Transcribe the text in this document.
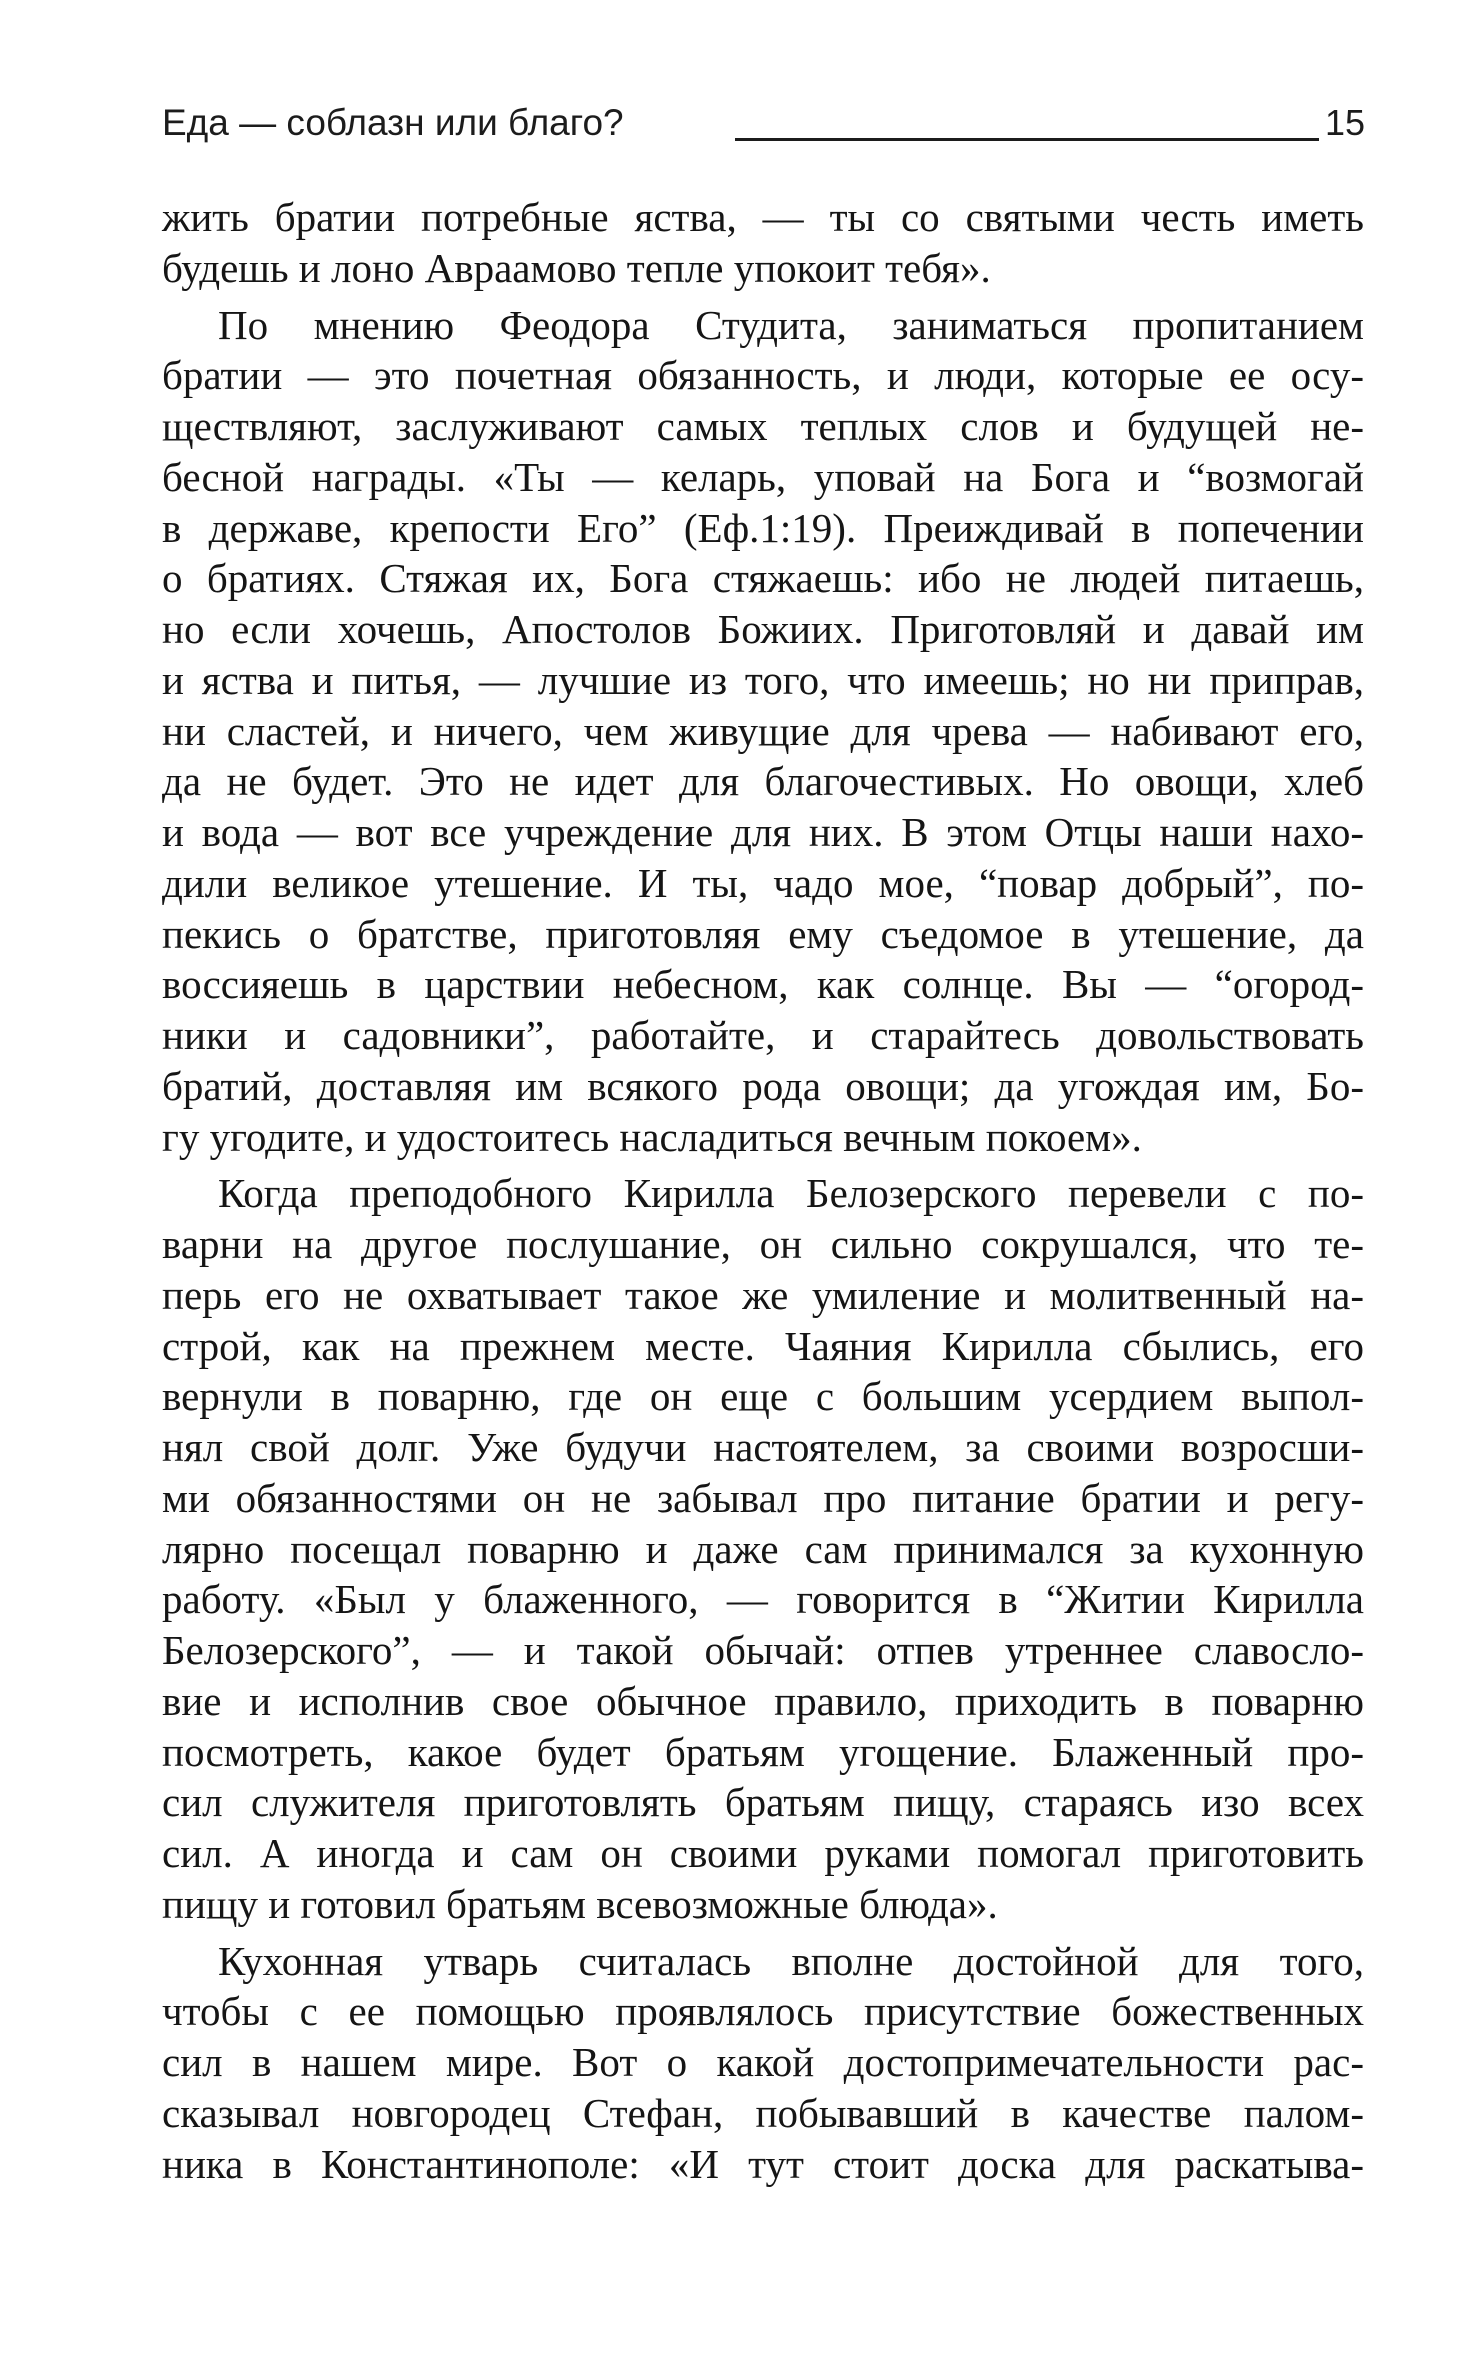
Еда — соблазн или благо?	15
жить братии потребные яства, — ты со святыми честь иметь
будешь и лоно Авраамово тепле упокоит тебя».
По мнению Феодора Студита, заниматься пропитанием
братии — это почетная обязанность, и люди, которые ее осу-
ществляют, заслуживают самых теплых слов и будущей не-
бесной награды. «Ты — келарь, уповай на Бога и “возмогай
в державе, крепости Его” (Еф.1:19). Преиждивай в попечении
о братиях. Стяжая их, Бога стяжаешь: ибо не людей питаешь,
но если хочешь, Апостолов Божиих. Приготовляй и давай им
и яства и питья, — лучшие из того, что имеешь; но ни приправ,
ни сластей, и ничего, чем живущие для чрева — набивают его,
да не будет. Это не идет для благочестивых. Но овощи, хлеб
и вода — вот все учреждение для них. В этом Отцы наши нахо-
дили великое утешение. И ты, чадо мое, “повар добрый”, по-
пекись о братстве, приготовляя ему съедомое в утешение, да
воссияешь в царствии небесном, как солнце. Вы — “огород-
ники и садовники”, работайте, и старайтесь довольствовать
братий, доставляя им всякого рода овощи; да угождая им, Бо-
гу угодите, и удостоитесь насладиться вечным покоем».
Когда преподобного Кирилла Белозерского перевели с по-
варни на другое послушание, он сильно сокрушался, что те-
перь его не охватывает такое же умиление и молитвенный на-
строй, как на прежнем месте. Чаяния Кирилла сбылись, его
вернули в поварню, где он еще с большим усердием выпол-
нял свой долг. Уже будучи настоятелем, за своими возросши-
ми обязанностями он не забывал про питание братии и регу-
лярно посещал поварню и даже сам принимался за кухонную
работу. «Был у блаженного, — говорится в “Житии Кирилла
Белозерского”, — и такой обычай: отпев утреннее славосло-
вие и исполнив свое обычное правило, приходить в поварню
посмотреть, какое будет братьям угощение. Блаженный про-
сил служителя приготовлять братьям пищу, стараясь изо всех
сил. А иногда и сам он своими руками помогал приготовить
пищу и готовил братьям всевозможные блюда».
Кухонная утварь считалась вполне достойной для того,
чтобы с ее помощью проявлялось присутствие божественных
сил в нашем мире. Вот о какой достопримечательности рас-
сказывал новгородец Стефан, побывавший в качестве палом-
ника в Константинополе: «И тут стоит доска для раскатыва-
